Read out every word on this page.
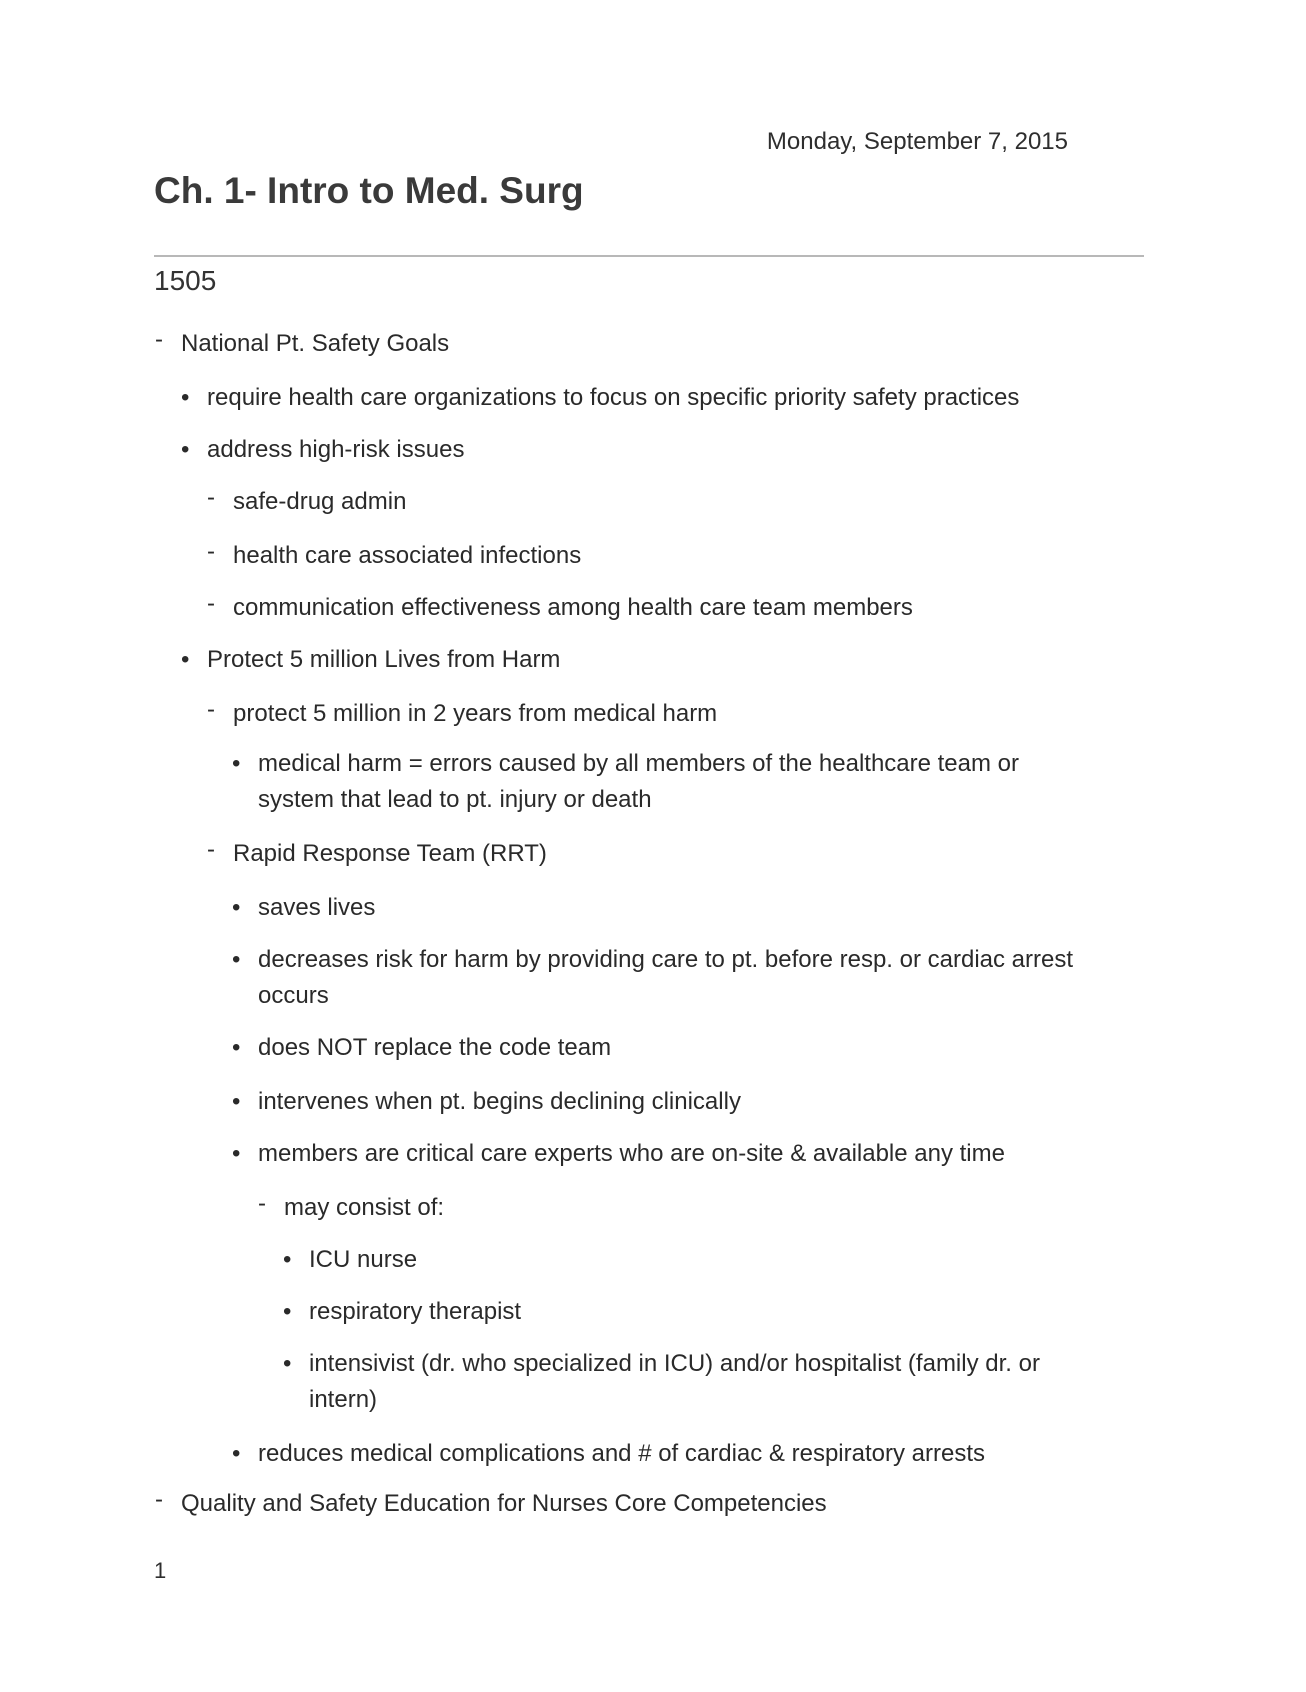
Monday, September 7, 2015
Ch. 1- Intro to Med. Surg
1505
- National Pt. Safety Goals
• require health care organizations to focus on specific priority safety practices
• address high-risk issues
- safe-drug admin
- health care associated infections
- communication effectiveness among health care team members
• Protect 5 million Lives from Harm
- protect 5 million in 2 years from medical harm
• medical harm = errors caused by all members of the healthcare team or system that lead to pt. injury or death
- Rapid Response Team (RRT)
• saves lives
• decreases risk for harm by providing care to pt. before resp. or cardiac arrest occurs
• does NOT replace the code team
• intervenes when pt. begins declining clinically
• members are critical care experts who are on-site & available any time
- may consist of:
• ICU nurse
• respiratory therapist
• intensivist (dr. who specialized in ICU) and/or hospitalist (family dr. or intern)
• reduces medical complications and # of cardiac & respiratory arrests
- Quality and Safety Education for Nurses Core Competencies
1
